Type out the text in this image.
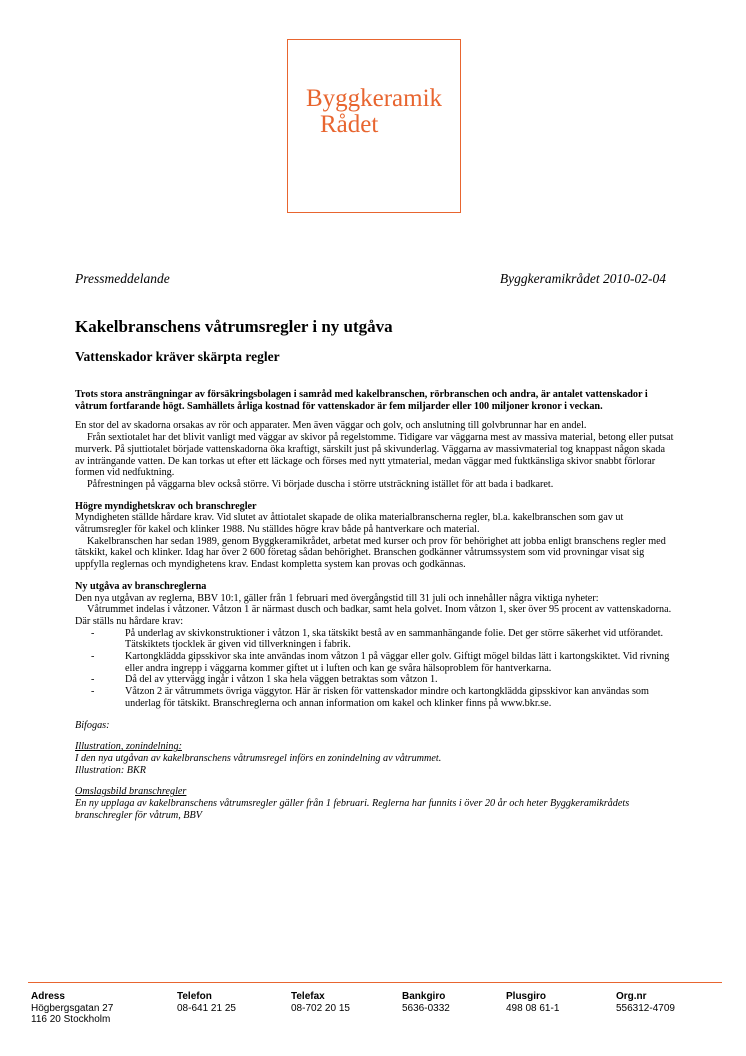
Byggkeramik
Rådet
Pressmeddelande	Byggkeramikrådet 2010-02-04
Kakelbranschens våtrumsregler i ny utgåva
Vattenskador kräver skärpta regler

Trots stora ansträngningar av försäkringsbolagen i samråd med kakelbranschen, rörbranschen och andra, är antalet vattenskador i våtrum fortfarande högt. Samhällets årliga kostnad för vattenskador är fem miljarder eller 100 miljoner kronor i veckan.

En stor del av skadorna orsakas av rör och apparater. Men även väggar och golv, och anslutning till golvbrunnar har en andel.

Från sextiotalet har det blivit vanligt med väggar av skivor på regelstomme. Tidigare var väggarna mest av massiva material, betong eller putsat murverk. På sjuttiotalet började vattenskadorna öka kraftigt, särskilt just på skivunderlag. Väggarna av massivmaterial tog knappast någon skada av inträngande vatten. De kan torkas ut efter ett läckage och förses med nytt ytmaterial, medan väggar med fuktkänsliga skivor snabbt förlorar formen vid nedfuktning.

Påfrestningen på väggarna blev också större. Vi började duscha i större utsträckning istället för att bada i badkaret.

Högre myndighetskrav och branschregler

Myndigheten ställde hårdare krav. Vid slutet av åttiotalet skapade de olika materialbranscherna regler, bl.a. kakelbranschen som gav ut våtrumsregler för kakel och klinker 1988. Nu ställdes högre krav både på hantverkare och material.

Kakelbranschen har sedan 1989, genom Byggkeramikrådet, arbetat med kurser och prov för behörighet att jobba enligt branschens regler med tätskikt, kakel och klinker. Idag har över 2 600 företag sådan behörighet. Branschen godkänner våtrumssystem som vid provningar visat sig uppfylla reglernas och myndighetens krav. Endast kompletta system kan provas och godkännas.

Ny utgåva av branschreglerna

Den nya utgåvan av reglerna, BBV 10:1, gäller från 1 februari med övergångstid till 31 juli och innehåller några viktiga nyheter:

Våtrummet indelas i våtzoner. Våtzon 1 är närmast dusch och badkar, samt hela golvet. Inom våtzon 1, sker över 95 procent av vattenskadorna. Där ställs nu hårdare krav:

- På underlag av skivkonstruktioner i våtzon 1, ska tätskikt bestå av en sammanhängande folie. Det ger större säkerhet vid utförandet. Tätskiktets tjocklek är given vid tillverkningen i fabrik.
- Kartongklädda gipsskivor ska inte användas inom våtzon 1 på väggar eller golv. Giftigt mögel bildas lätt i kartongskiktet. Vid rivning eller andra ingrepp i väggarna kommer giftet ut i luften och kan ge svåra hälsoproblem för hantverkarna.
- Då del av yttervägg ingår i våtzon 1 ska hela väggen betraktas som våtzon 1.
- Våtzon 2 är våtrummets övriga väggytor. Här är risken för vattenskador mindre och kartongklädda gipsskivor kan användas som underlag för tätskikt. Branschreglerna och annan information om kakel och klinker finns på www.bkr.se.

Bifogas:

Illustration, zonindelning:

I den nya utgåvan av kakelbranschens våtrumsregel införs en zonindelning av våtrummet.

Illustration: BKR

Omslagsbild branschregler

En ny upplaga av kakelbranschens våtrumsregler gäller från 1 februari. Reglerna har funnits i över 20 år och heter Byggkeramikrådets branschregler för våtrum, BBV

Adress
Högbergsgatan 27
116 20 Stockholm
Telefon
08-641 21 25
Telefax
08-702 20 15
Bankgiro
5636-0332
Plusgiro
498 08 61-1
Org.nr
556312-4709
